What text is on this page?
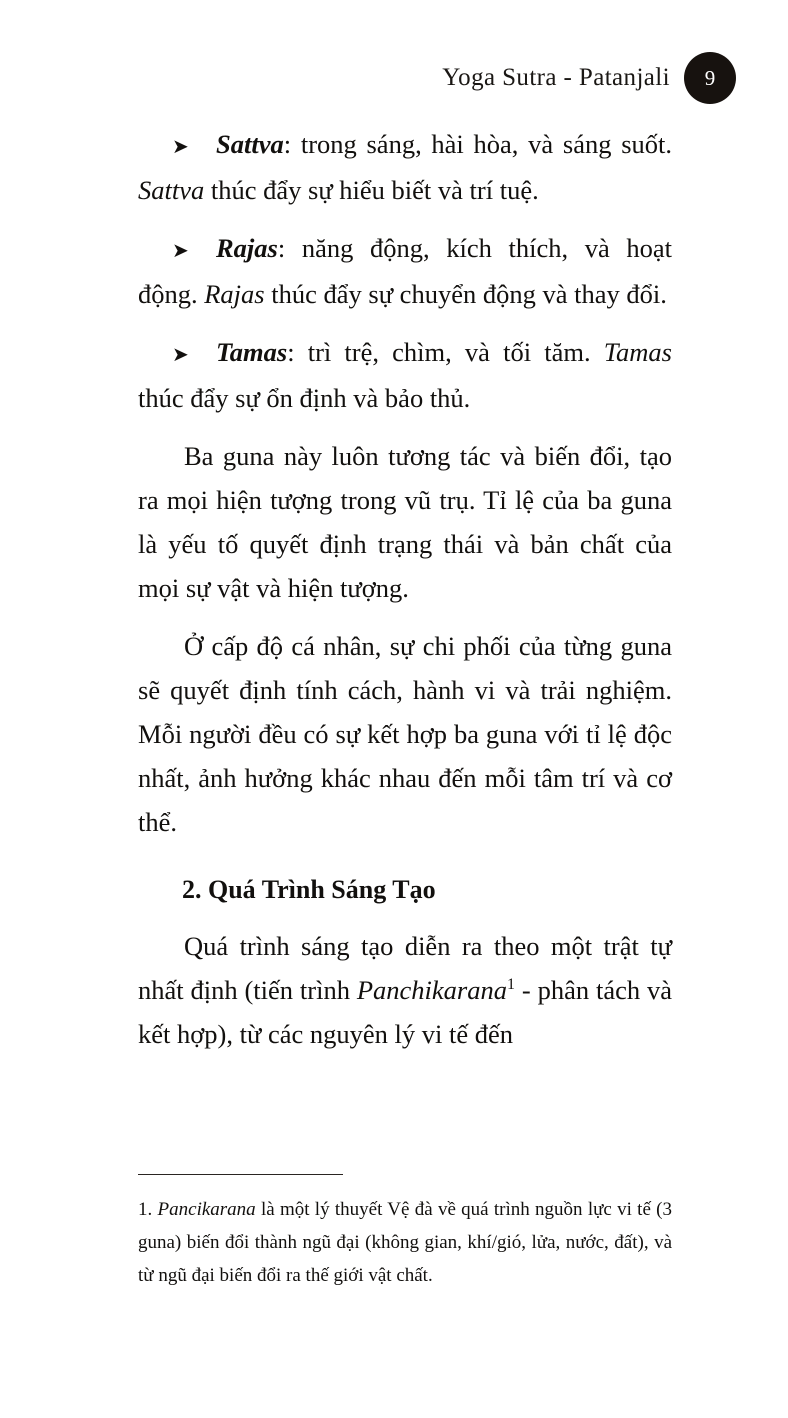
Yoga Sutra - Patanjali	9

➤ Sattva: trong sáng, hài hòa, và sáng suốt. Sattva thúc đẩy sự hiểu biết và trí tuệ.

➤ Rajas: năng động, kích thích, và hoạt động. Rajas thúc đẩy sự chuyển động và thay đổi.

➤ Tamas: trì trệ, chìm, và tối tăm. Tamas thúc đẩy sự ổn định và bảo thủ.

Ba guna này luôn tương tác và biến đổi, tạo ra mọi hiện tượng trong vũ trụ. Tỉ lệ của ba guna là yếu tố quyết định trạng thái và bản chất của mọi sự vật và hiện tượng.

Ở cấp độ cá nhân, sự chi phối của từng guna sẽ quyết định tính cách, hành vi và trải nghiệm. Mỗi người đều có sự kết hợp ba guna với tỉ lệ độc nhất, ảnh hưởng khác nhau đến mỗi tâm trí và cơ thể.

2. Quá Trình Sáng Tạo

Quá trình sáng tạo diễn ra theo một trật tự nhất định (tiến trình Panchikarana$^1$ - phân tách và kết hợp), từ các nguyên lý vi tế đến

1. Pancikarana là một lý thuyết Vệ đà về quá trình nguồn lực vi tế (3 guna) biến đổi thành ngũ đại (không gian, khí/gió, lửa, nước, đất), và từ ngũ đại biến đổi ra thế giới vật chất.
